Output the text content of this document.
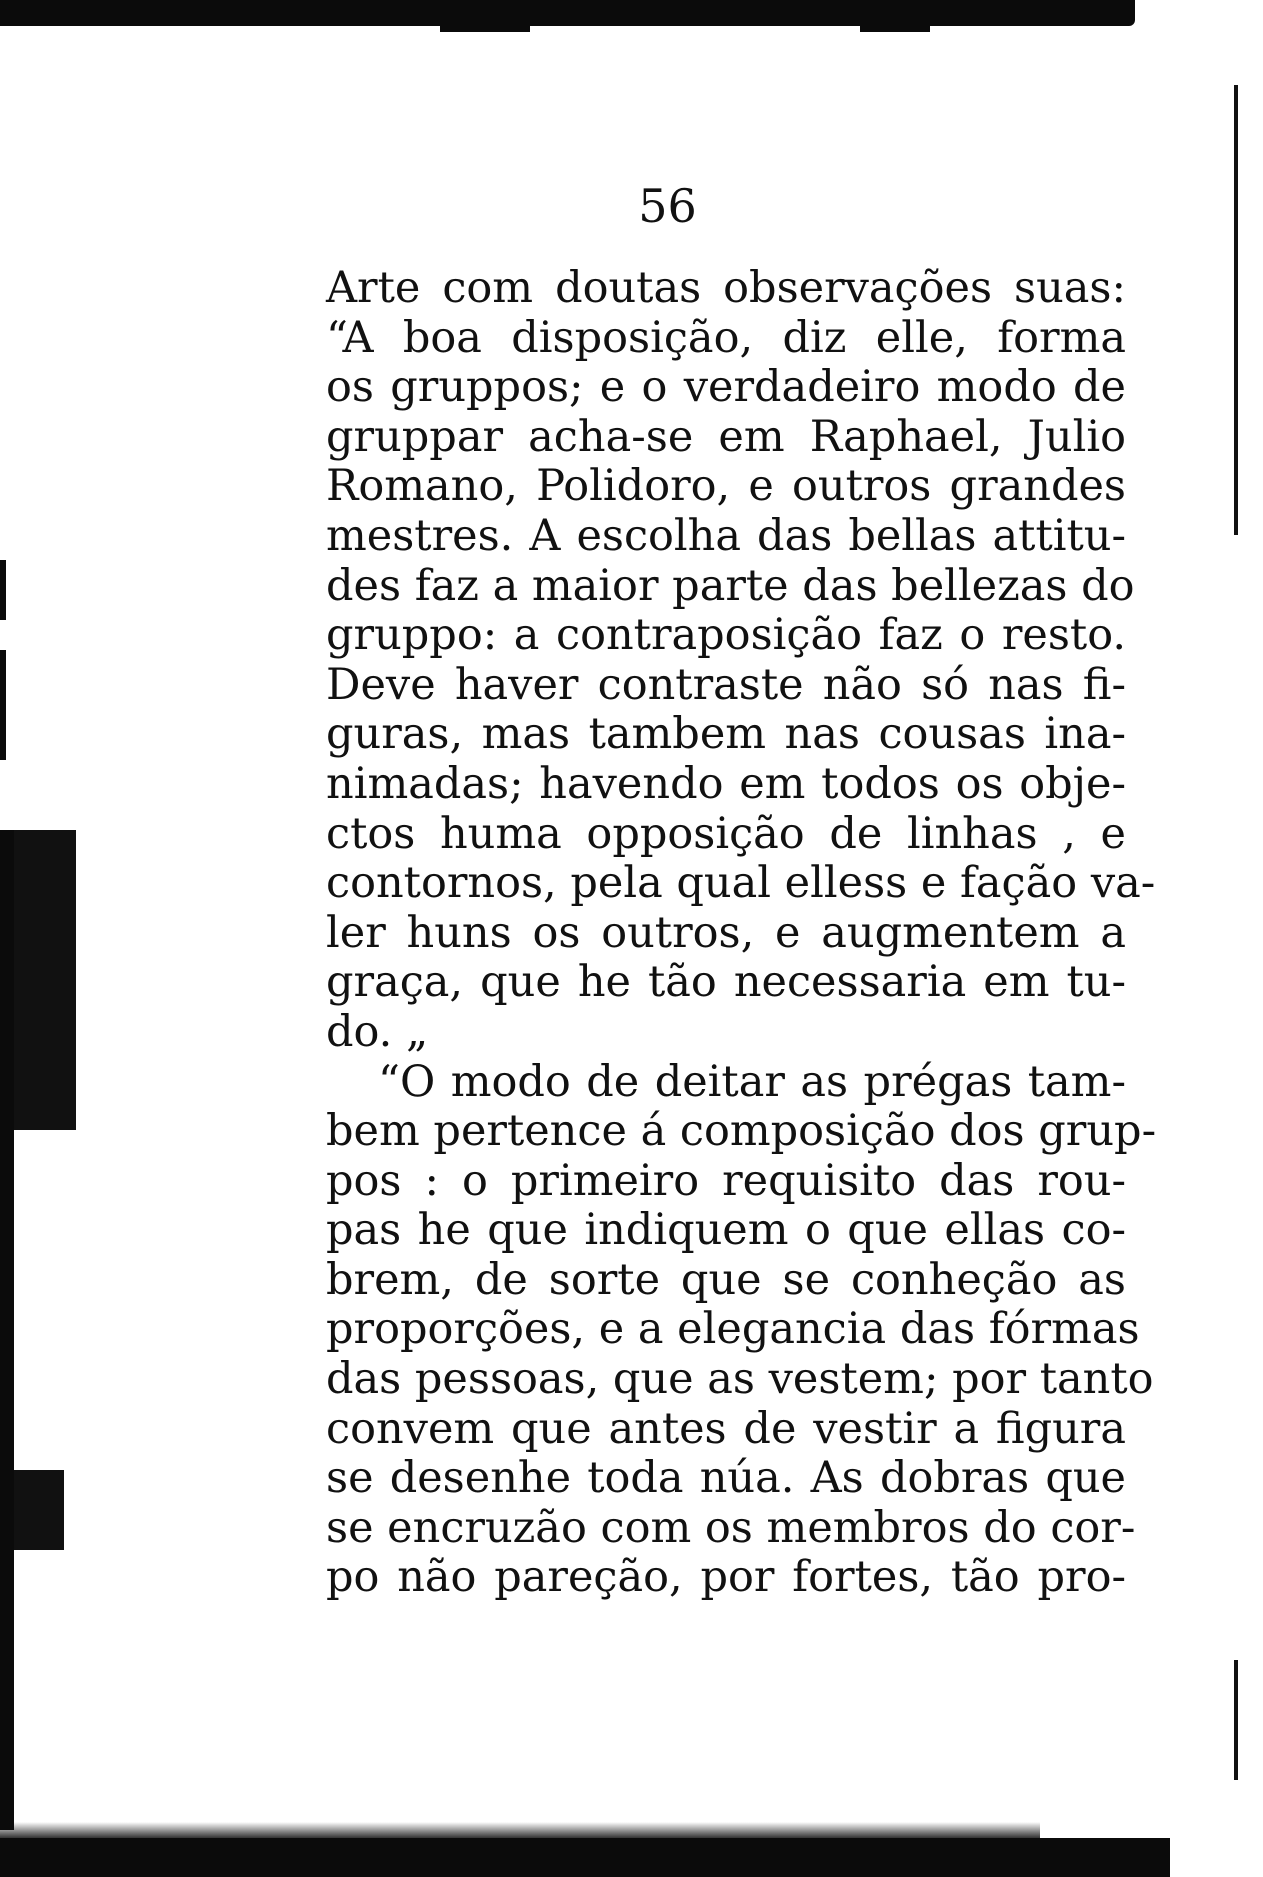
56
Arte com doutas observações suas:
“A boa disposição, diz elle, forma
os gruppos; e o verdadeiro modo de
gruppar acha-se em Raphael, Julio
Romano, Polidoro, e outros grandes
mestres. A escolha das bellas attitu-
des faz a maior parte das bellezas do
gruppo: a contraposição faz o resto.
Deve haver contraste não só nas fi-
guras, mas tambem nas cousas ina-
nimadas; havendo em todos os obje-
ctos huma opposição de linhas , e
contornos, pela qual elless e fação va-
ler huns os outros, e augmentem a
graça, que he tão necessaria em tu-
do. „
“O modo de deitar as prégas tam-
bem pertence á composição dos grup-
pos : o primeiro requisito das rou-
pas he que indiquem o que ellas co-
brem, de sorte que se conheção as
proporções, e a elegancia das fórmas
das pessoas, que as vestem; por tanto
convem que antes de vestir a figura
se desenhe toda núa. As dobras que
se encruzão com os membros do cor-
po não pareção, por fortes, tão pro-
